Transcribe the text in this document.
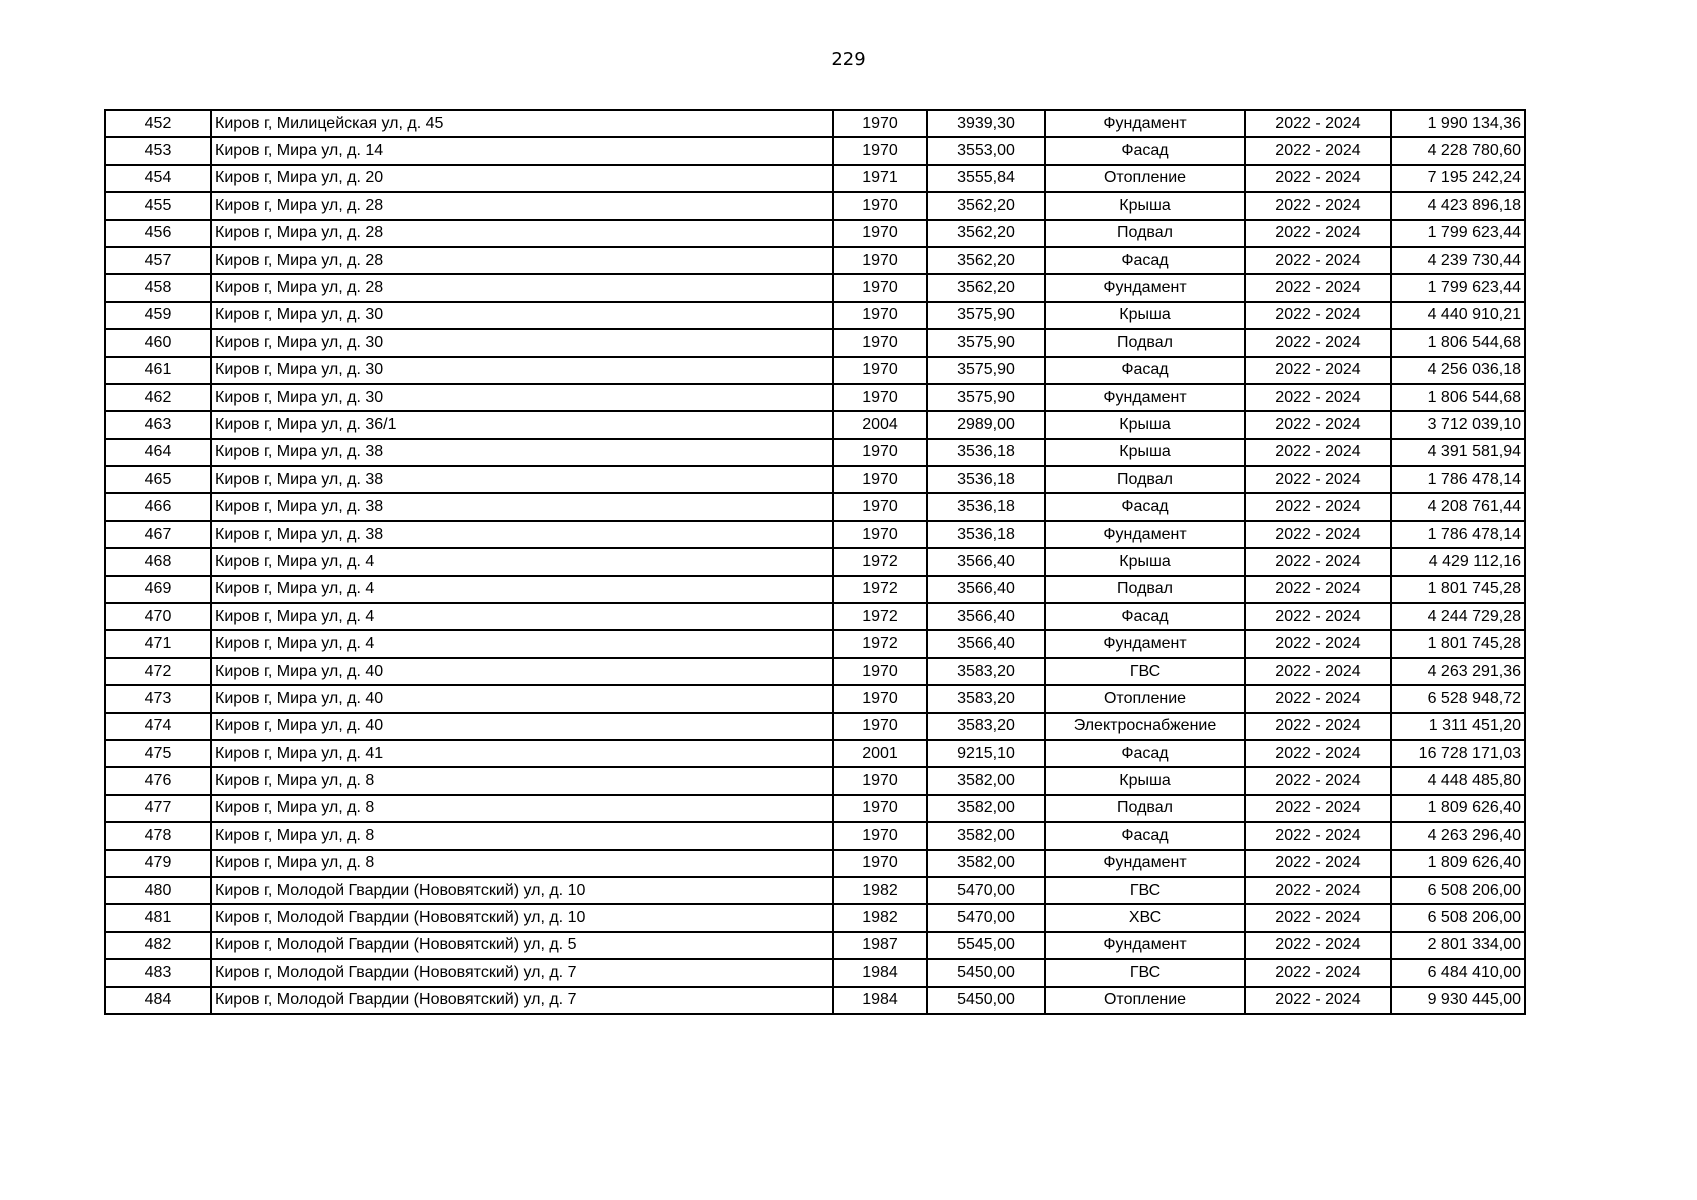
229
452	Киров г, Милицейская ул, д. 45	1970	3939,30	Фундамент	2022 - 2024	1 990 134,36
453	Киров г, Мира ул, д. 14	1970	3553,00	Фасад	2022 - 2024	4 228 780,60
454	Киров г, Мира ул, д. 20	1971	3555,84	Отопление	2022 - 2024	7 195 242,24
455	Киров г, Мира ул, д. 28	1970	3562,20	Крыша	2022 - 2024	4 423 896,18
456	Киров г, Мира ул, д. 28	1970	3562,20	Подвал	2022 - 2024	1 799 623,44
457	Киров г, Мира ул, д. 28	1970	3562,20	Фасад	2022 - 2024	4 239 730,44
458	Киров г, Мира ул, д. 28	1970	3562,20	Фундамент	2022 - 2024	1 799 623,44
459	Киров г, Мира ул, д. 30	1970	3575,90	Крыша	2022 - 2024	4 440 910,21
460	Киров г, Мира ул, д. 30	1970	3575,90	Подвал	2022 - 2024	1 806 544,68
461	Киров г, Мира ул, д. 30	1970	3575,90	Фасад	2022 - 2024	4 256 036,18
462	Киров г, Мира ул, д. 30	1970	3575,90	Фундамент	2022 - 2024	1 806 544,68
463	Киров г, Мира ул, д. 36/1	2004	2989,00	Крыша	2022 - 2024	3 712 039,10
464	Киров г, Мира ул, д. 38	1970	3536,18	Крыша	2022 - 2024	4 391 581,94
465	Киров г, Мира ул, д. 38	1970	3536,18	Подвал	2022 - 2024	1 786 478,14
466	Киров г, Мира ул, д. 38	1970	3536,18	Фасад	2022 - 2024	4 208 761,44
467	Киров г, Мира ул, д. 38	1970	3536,18	Фундамент	2022 - 2024	1 786 478,14
468	Киров г, Мира ул, д. 4	1972	3566,40	Крыша	2022 - 2024	4 429 112,16
469	Киров г, Мира ул, д. 4	1972	3566,40	Подвал	2022 - 2024	1 801 745,28
470	Киров г, Мира ул, д. 4	1972	3566,40	Фасад	2022 - 2024	4 244 729,28
471	Киров г, Мира ул, д. 4	1972	3566,40	Фундамент	2022 - 2024	1 801 745,28
472	Киров г, Мира ул, д. 40	1970	3583,20	ГВС	2022 - 2024	4 263 291,36
473	Киров г, Мира ул, д. 40	1970	3583,20	Отопление	2022 - 2024	6 528 948,72
474	Киров г, Мира ул, д. 40	1970	3583,20	Электроснабжение	2022 - 2024	1 311 451,20
475	Киров г, Мира ул, д. 41	2001	9215,10	Фасад	2022 - 2024	16 728 171,03
476	Киров г, Мира ул, д. 8	1970	3582,00	Крыша	2022 - 2024	4 448 485,80
477	Киров г, Мира ул, д. 8	1970	3582,00	Подвал	2022 - 2024	1 809 626,40
478	Киров г, Мира ул, д. 8	1970	3582,00	Фасад	2022 - 2024	4 263 296,40
479	Киров г, Мира ул, д. 8	1970	3582,00	Фундамент	2022 - 2024	1 809 626,40
480	Киров г, Молодой Гвардии (Нововятский) ул, д. 10	1982	5470,00	ГВС	2022 - 2024	6 508 206,00
481	Киров г, Молодой Гвардии (Нововятский) ул, д. 10	1982	5470,00	ХВС	2022 - 2024	6 508 206,00
482	Киров г, Молодой Гвардии (Нововятский) ул, д. 5	1987	5545,00	Фундамент	2022 - 2024	2 801 334,00
483	Киров г, Молодой Гвардии (Нововятский) ул, д. 7	1984	5450,00	ГВС	2022 - 2024	6 484 410,00
484	Киров г, Молодой Гвардии (Нововятский) ул, д. 7	1984	5450,00	Отопление	2022 - 2024	9 930 445,00
